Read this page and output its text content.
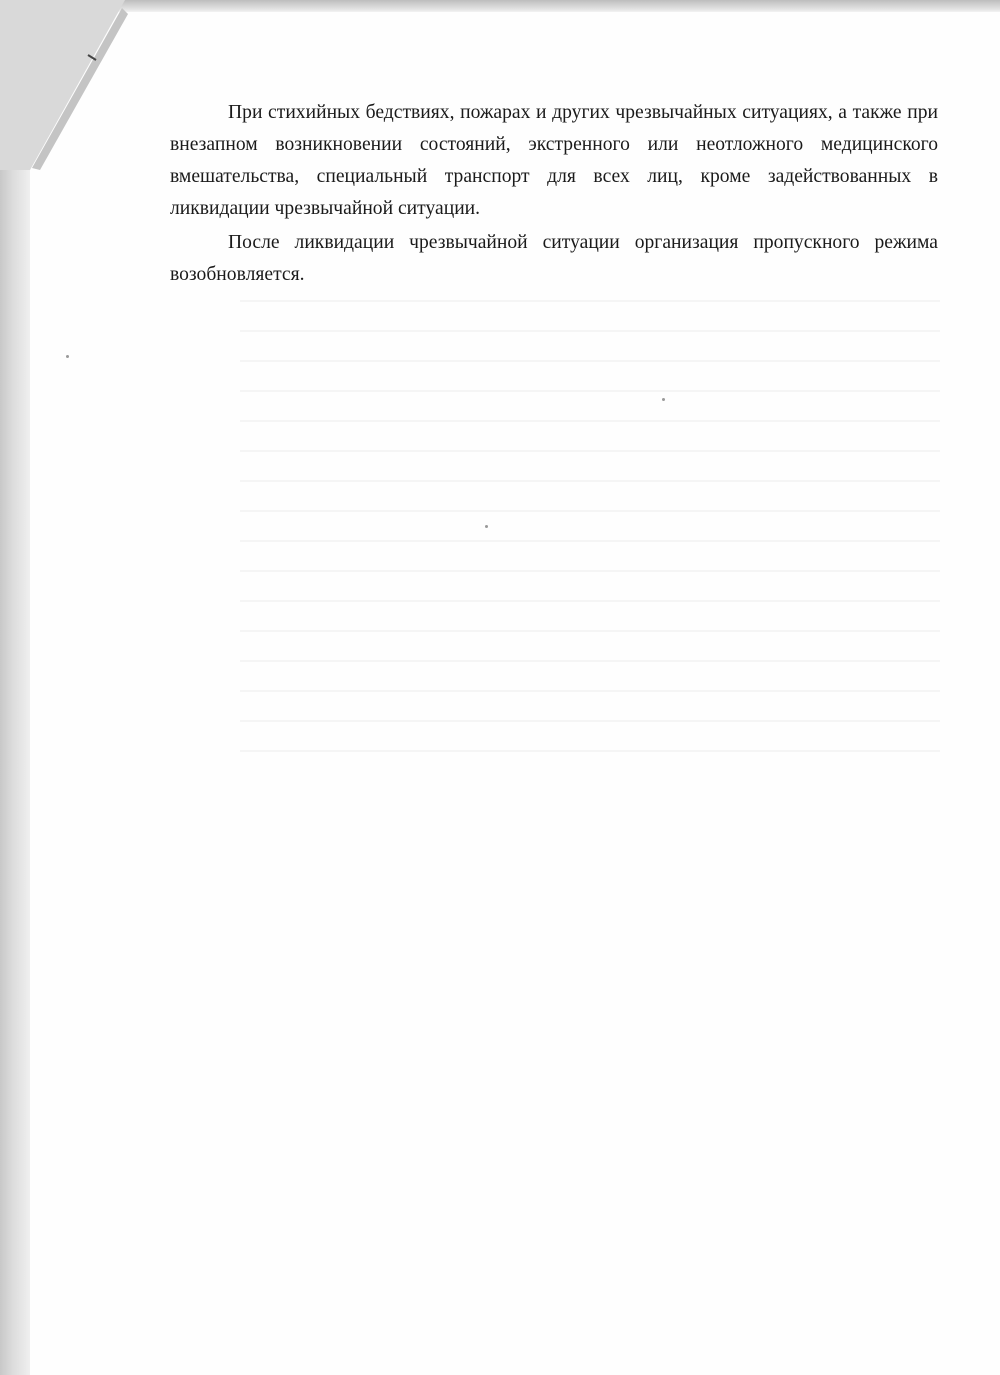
При стихийных бедствиях, пожарах и других чрезвычайных ситуациях, а также при внезапном возникновении состояний, экстренного или неотложного медицинского вмешательства, специальный транспорт для всех лиц, кроме задействованных в ликвидации чрезвычайной ситуации.

После ликвидации чрезвычайной ситуации организация пропускного режима возобновляется.
